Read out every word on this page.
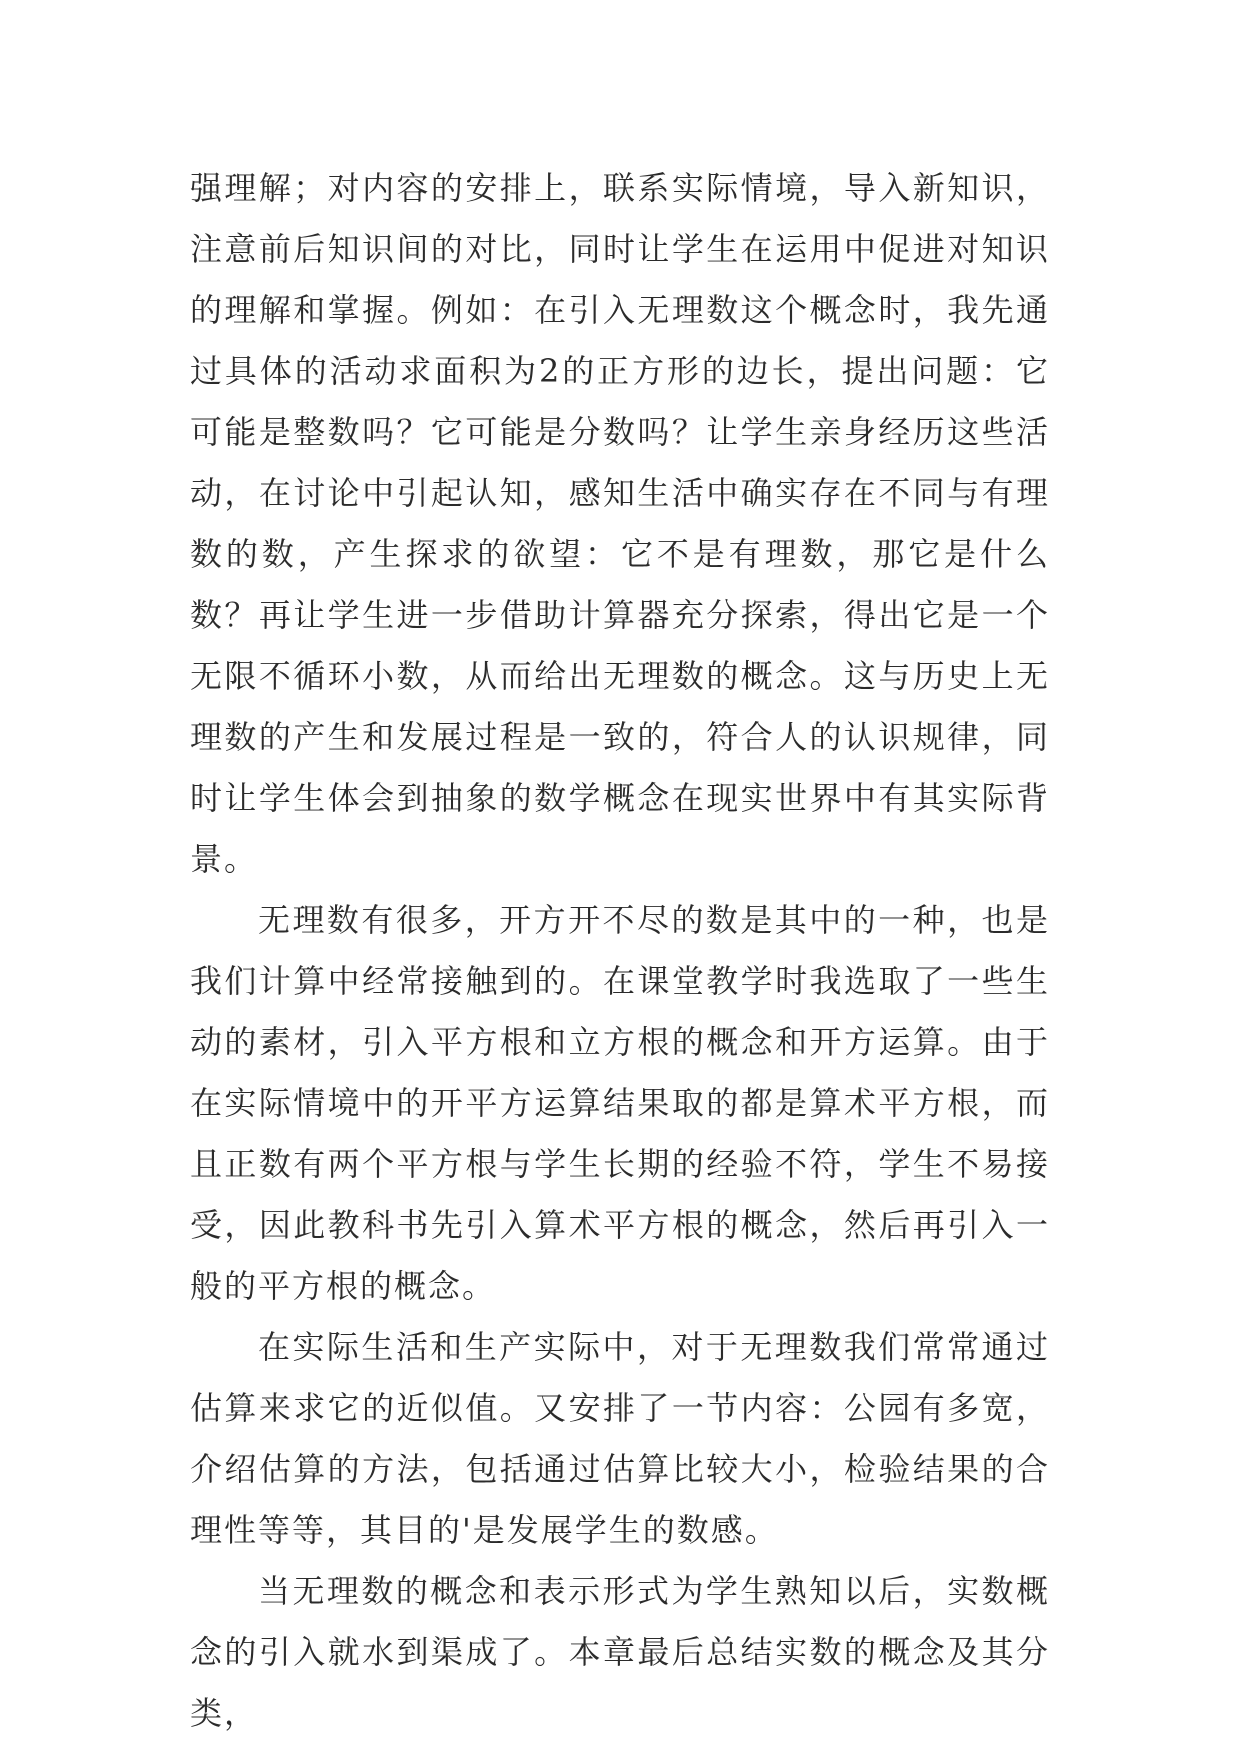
强理解；对内容的安排上，联系实际情境，导入新知识，注意前后知识间的对比，同时让学生在运用中促进对知识的理解和掌握。例如：在引入无理数这个概念时，我先通过具体的活动求面积为2的正方形的边长，提出问题：它可能是整数吗？它可能是分数吗？让学生亲身经历这些活动，在讨论中引起认知，感知生活中确实存在不同与有理数的数，产生探求的欲望：它不是有理数，那它是什么数？再让学生进一步借助计算器充分探索，得出它是一个无限不循环小数，从而给出无理数的概念。这与历史上无理数的产生和发展过程是一致的，符合人的认识规律，同时让学生体会到抽象的数学概念在现实世界中有其实际背景。

无理数有很多，开方开不尽的数是其中的一种，也是我们计算中经常接触到的。在课堂教学时我选取了一些生动的素材，引入平方根和立方根的概念和开方运算。由于在实际情境中的开平方运算结果取的都是算术平方根，而且正数有两个平方根与学生长期的经验不符，学生不易接受，因此教科书先引入算术平方根的概念，然后再引入一般的平方根的概念。

在实际生活和生产实际中，对于无理数我们常常通过估算来求它的近似值。又安排了一节内容：公园有多宽，介绍估算的方法，包括通过估算比较大小，检验结果的合理性等等，其目的'是发展学生的数感。

当无理数的概念和表示形式为学生熟知以后，实数概念的引入就水到渠成了。本章最后总结实数的概念及其分类，
